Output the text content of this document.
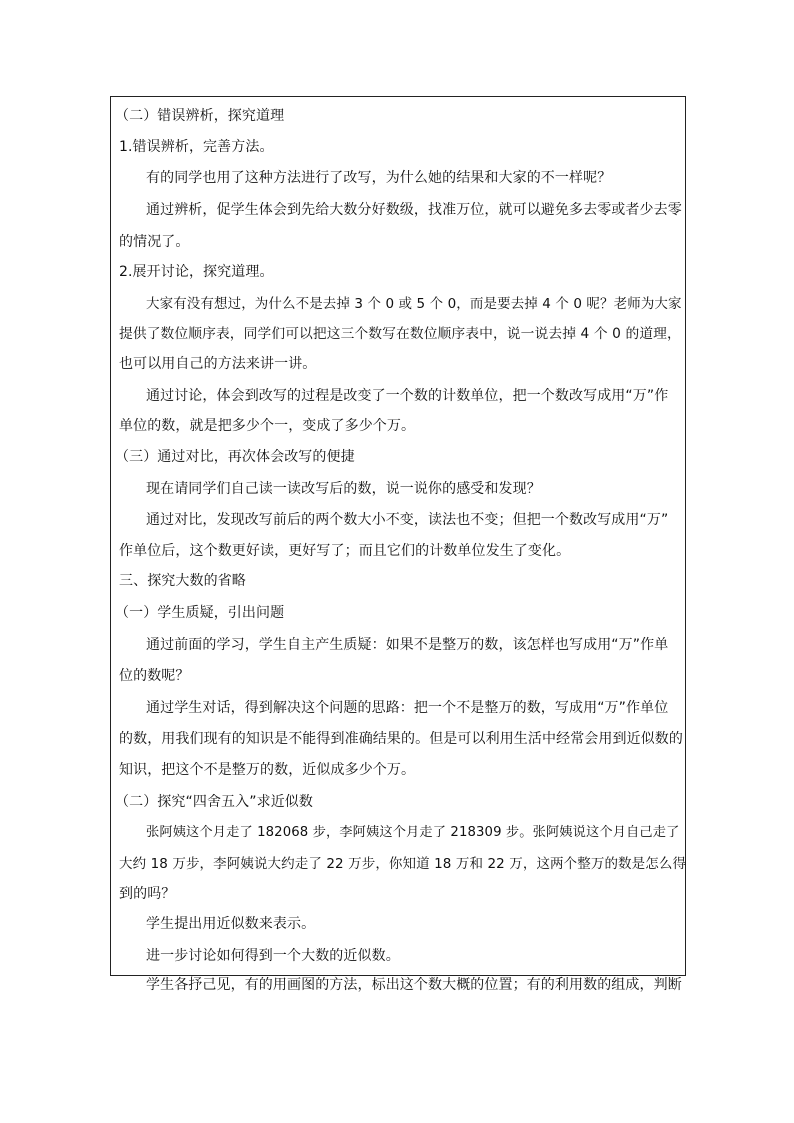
（二）错误辨析，探究道理
1.错误辨析，完善方法。
有的同学也用了这种方法进行了改写，为什么她的结果和大家的不一样呢？
通过辨析，促学生体会到先给大数分好数级，找准万位，就可以避免多去零或者少去零
的情况了。
2.展开讨论，探究道理。
大家有没有想过，为什么不是去掉 3 个 0 或 5 个 0，而是要去掉 4 个 0 呢？老师为大家
提供了数位顺序表，同学们可以把这三个数写在数位顺序表中，说一说去掉 4 个 0 的道理，
也可以用自己的方法来讲一讲。
通过讨论，体会到改写的过程是改变了一个数的计数单位，把一个数改写成用“万”作
单位的数，就是把多少个一，变成了多少个万。
（三）通过对比，再次体会改写的便捷
现在请同学们自己读一读改写后的数，说一说你的感受和发现？
通过对比，发现改写前后的两个数大小不变，读法也不变；但把一个数改写成用“万”
作单位后，这个数更好读，更好写了；而且它们的计数单位发生了变化。
三、探究大数的省略
（一）学生质疑，引出问题
通过前面的学习，学生自主产生质疑：如果不是整万的数，该怎样也写成用“万”作单
位的数呢？
通过学生对话，得到解决这个问题的思路：把一个不是整万的数，写成用“万”作单位
的数，用我们现有的知识是不能得到准确结果的。但是可以利用生活中经常会用到近似数的
知识，把这个不是整万的数，近似成多少个万。
（二）探究“四舍五入”求近似数
张阿姨这个月走了 182068 步，李阿姨这个月走了 218309 步。张阿姨说这个月自己走了
大约 18 万步，李阿姨说大约走了 22 万步，你知道 18 万和 22 万，这两个整万的数是怎么得
到的吗？
学生提出用近似数来表示。
进一步讨论如何得到一个大数的近似数。
学生各抒己见，有的用画图的方法，标出这个数大概的位置；有的利用数的组成，判断
